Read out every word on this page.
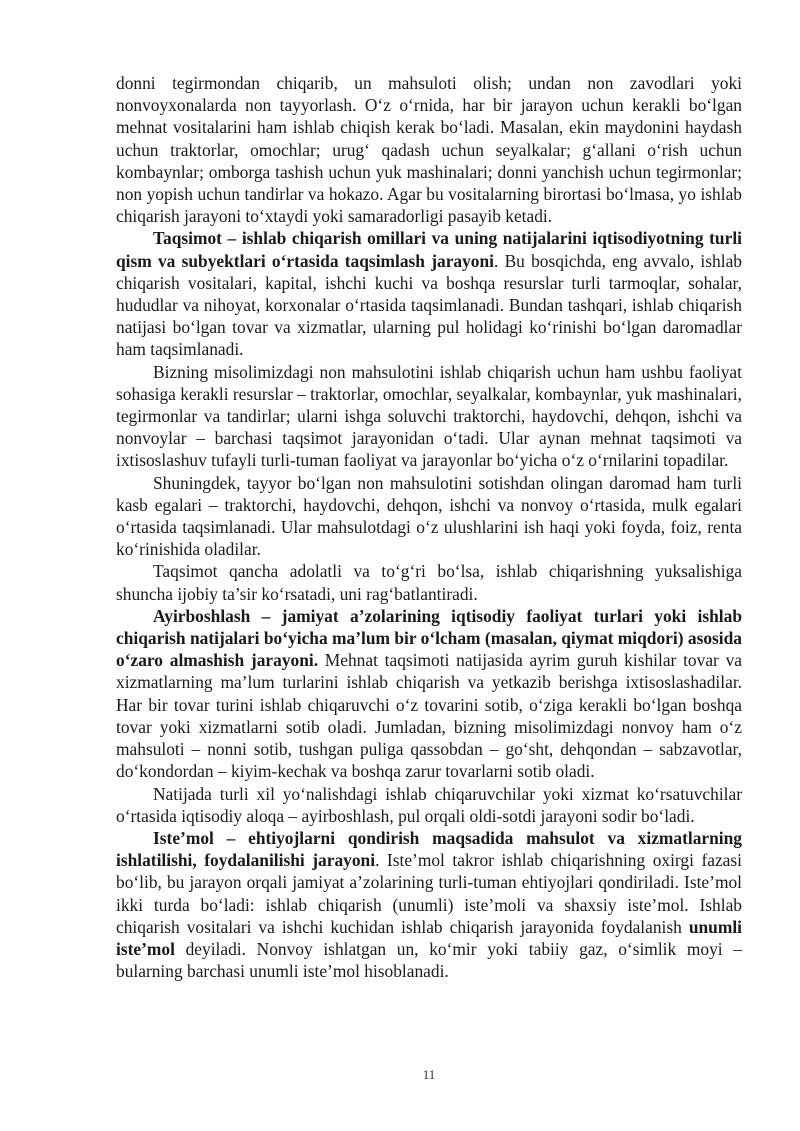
donni tegirmondan chiqarib, un mahsuloti olish; undan non zavodlari yoki nonvoyxonalarda non tayyorlash. O‘z o‘rnida, har bir jarayon uchun kerakli bo‘lgan mehnat vositalarini ham ishlab chiqish kerak bo‘ladi. Masalan, ekin maydonini haydash uchun traktorlar, omochlar; urug‘ qadash uchun seyalkalar; g‘allani o‘rish uchun kombaynlar; omborga tashish uchun yuk mashinalari; donni yanchish uchun tegirmonlar; non yopish uchun tandirlar va hokazo. Agar bu vositalarning birortasi bo‘lmasa, yo ishlab chiqarish jarayoni to‘xtaydi yoki samaradorligi pasayib ketadi.

Taqsimot – ishlab chiqarish omillari va uning natijalarini iqtisodiyotning turli qism va subyektlari o‘rtasida taqsimlash jarayoni. Bu bosqichda, eng avvalo, ishlab chiqarish vositalari, kapital, ishchi kuchi va boshqa resurslar turli tarmoqlar, sohalar, hududlar va nihoyat, korxonalar o‘rtasida taqsimlanadi. Bundan tashqari, ishlab chiqarish natijasi bo‘lgan tovar va xizmatlar, ularning pul holidagi ko‘rinishi bo‘lgan daromadlar ham taqsimlanadi.

Bizning misolimizdagi non mahsulotini ishlab chiqarish uchun ham ushbu faoliyat sohasiga kerakli resurslar – traktorlar, omochlar, seyalkalar, kombaynlar, yuk mashinalari, tegirmonlar va tandirlar; ularni ishga soluvchi traktorchi, haydovchi, dehqon, ishchi va nonvoylar – barchasi taqsimot jarayonidan o‘tadi. Ular aynan mehnat taqsimoti va ixtisoslashuv tufayli turli-tuman faoliyat va jarayonlar bo‘yicha o‘z o‘rnilarini topadilar.

Shuningdek, tayyor bo‘lgan non mahsulotini sotishdan olingan daromad ham turli kasb egalari – traktorchi, haydovchi, dehqon, ishchi va nonvoy o‘rtasida, mulk egalari o‘rtasida taqsimlanadi. Ular mahsulotdagi o‘z ulushlarini ish haqi yoki foyda, foiz, renta ko‘rinishida oladilar.

Taqsimot qancha adolatli va to‘g‘ri bo‘lsa, ishlab chiqarishning yuksalishiga shuncha ijobiy ta’sir ko‘rsatadi, uni rag‘batlantiradi.

Ayirboshlash – jamiyat a’zolarining iqtisodiy faoliyat turlari yoki ishlab chiqarish natijalari bo‘yicha ma’lum bir o‘lcham (masalan, qiymat miqdori) asosida o‘zaro almashish jarayoni. Mehnat taqsimoti natijasida ayrim guruh kishilar tovar va xizmatlarning ma’lum turlarini ishlab chiqarish va yetkazib berishga ixtisoslashadilar. Har bir tovar turini ishlab chiqaruvchi o‘z tovarini sotib, o‘ziga kerakli bo‘lgan boshqa tovar yoki xizmatlarni sotib oladi. Jumladan, bizning misolimizdagi nonvoy ham o‘z mahsuloti – nonni sotib, tushgan puliga qassobdan – go‘sht, dehqondan – sabzavotlar, do‘kondordan – kiyim-kechak va boshqa zarur tovarlarni sotib oladi.

Natijada turli xil yo‘nalishdagi ishlab chiqaruvchilar yoki xizmat ko‘rsatuvchilar o‘rtasida iqtisodiy aloqa – ayirboshlash, pul orqali oldi-sotdi jarayoni sodir bo‘ladi.

Iste’mol – ehtiyojlarni qondirish maqsadida mahsulot va xizmatlarning ishlatilishi, foydalanilishi jarayoni. Iste’mol takror ishlab chiqarishning oxirgi fazasi bo‘lib, bu jarayon orqali jamiyat a’zolarining turli-tuman ehtiyojlari qondiriladi. Iste’mol ikki turda bo‘ladi: ishlab chiqarish (unumli) iste’moli va shaxsiy iste’mol. Ishlab chiqarish vositalari va ishchi kuchidan ishlab chiqarish jarayonida foydalanish unumli iste’mol deyiladi. Nonvoy ishlatgan un, ko‘mir yoki tabiiy gaz, o‘simlik moyi – bularning barchasi unumli iste’mol hisoblanadi.

11
